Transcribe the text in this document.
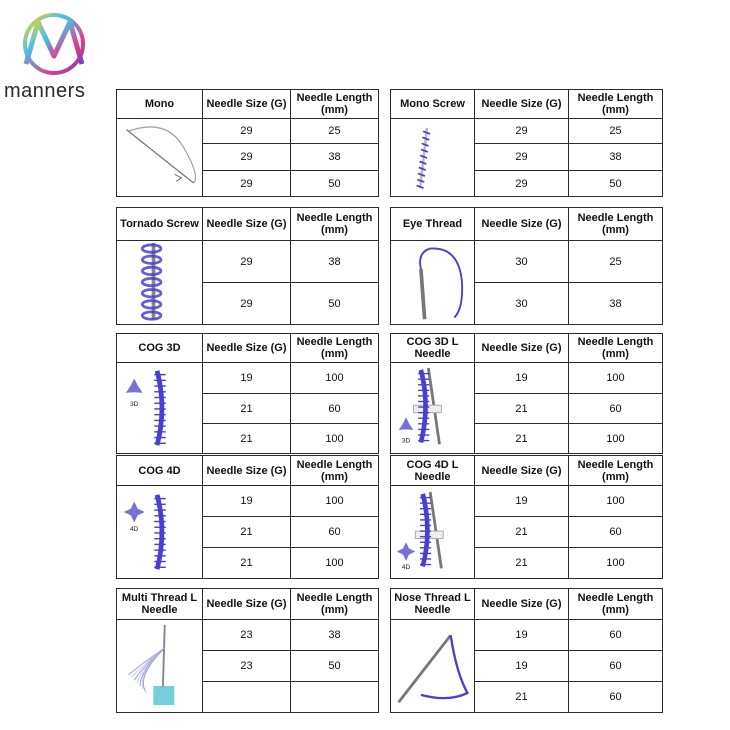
manners
Mono	Needle Size (G)	Needle Length (mm)

	29	25
	29	38
	29	50
Mono Screw	Needle Size (G)	Needle Length (mm)

	29	25
	29	38
	29	50
Tornado Screw	Needle Size (G)	Needle Length (mm)

	29	38
	29	50
Eye Thread	Needle Size (G)	Needle Length (mm)

	30	25
	30	38
COG 3D	Needle Size (G)	Needle Length (mm)

3D	19	100
	21	60
	21	100
COG 3D L Needle	Needle Size (G)	Needle Length (mm)

3D	19	100
	21	60
	21	100
COG 4D	Needle Size (G)	Needle Length (mm)

4D	19	100
	21	60
	21	100
COG 4D L Needle	Needle Size (G)	Needle Length (mm)

4D	19	100
	21	60
	21	100
Multi Thread L Needle	Needle Size (G)	Needle Length (mm)

	23	38
	23	50

Nose Thread L Needle	Needle Size (G)	Needle Length (mm)

	19	60
	19	60
	21	60
